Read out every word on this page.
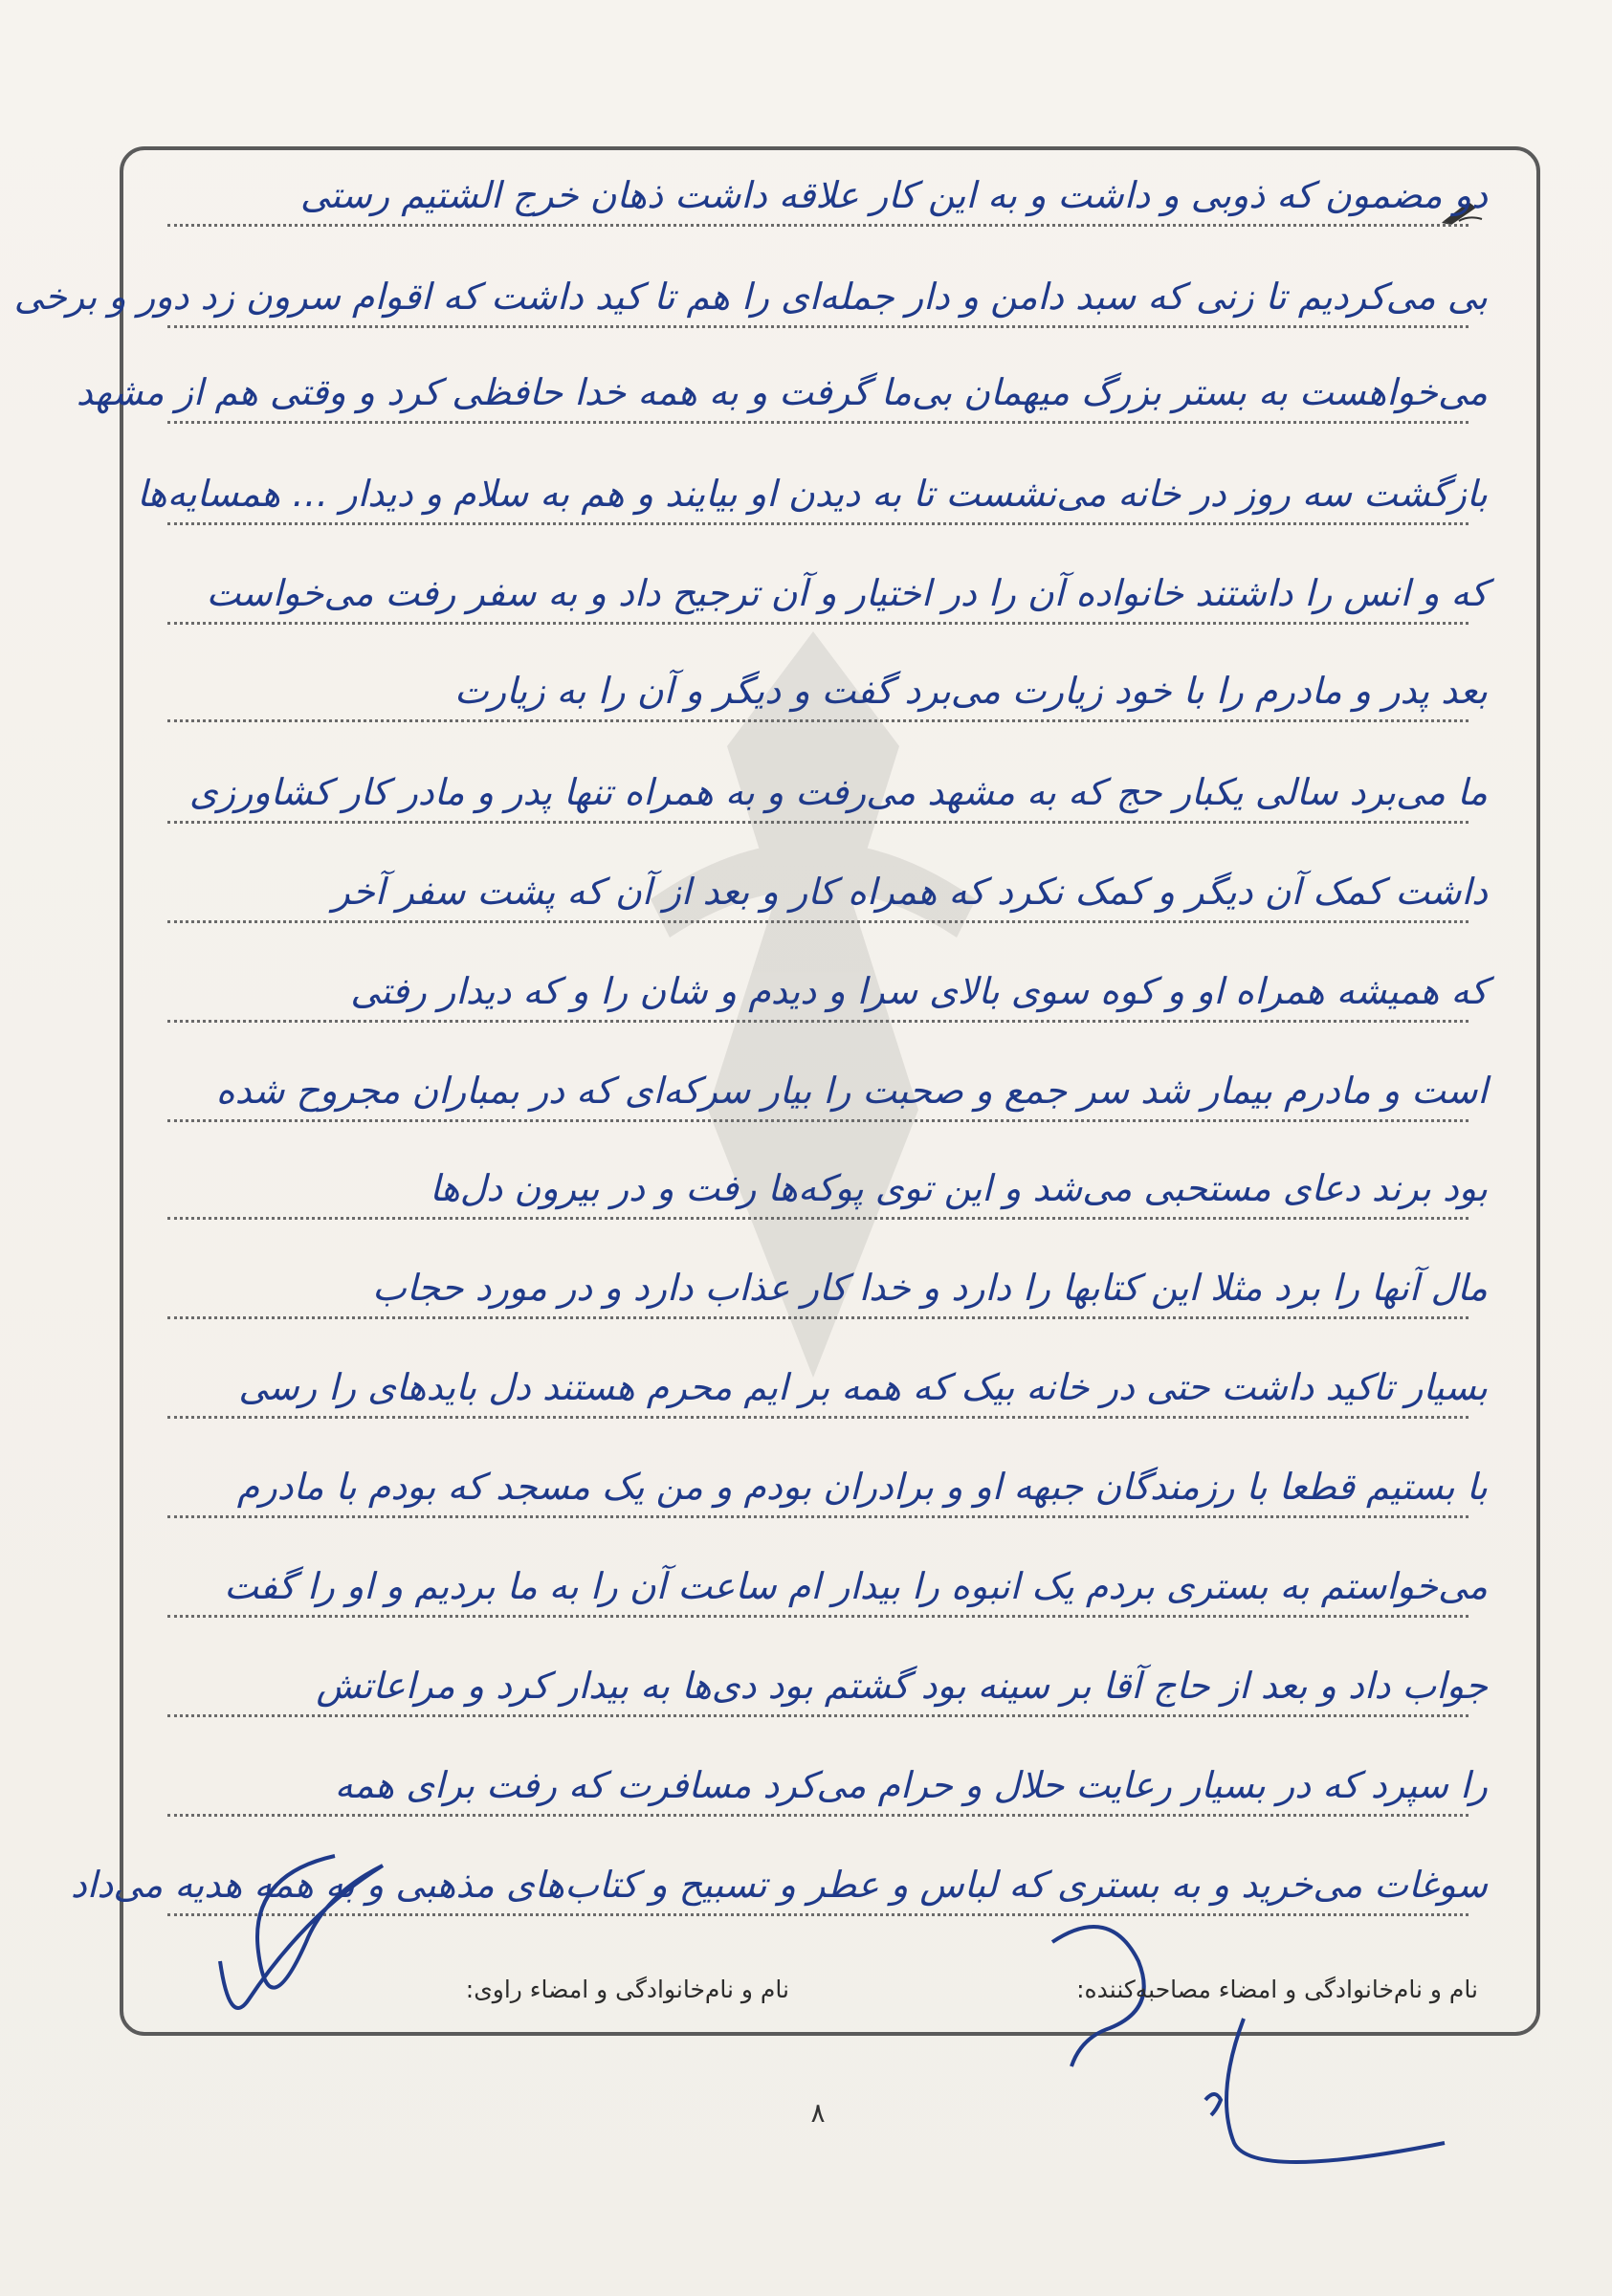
دو مضمون که ذوبی و داشت و به این کار علاقه داشت ذهان خرج الشتیم رستی
بی می‌کردیم تا زنی که سبد دامن و دار جمله‌ای را هم تا کید داشت که اقوام سرون زد دور و برخی
می‌خواهست به بستر بزرگ میهمان بی‌ما گرفت و به همه خدا حافظی کرد و وقتی هم از مشهد
بازگشت سه روز در خانه می‌نشست تا به دیدن او بیایند و هم به سلام و دیدار … همسایه‌ها
که و انس را داشتند خانواده آن را در اختیار و آن ترجیح داد و به سفر رفت می‌خواست
بعد پدر و مادرم را با خود زیارت می‌برد گفت و دیگر و آن را به زیارت
ما می‌برد سالی یکبار حج که به مشهد می‌رفت و به همراه تنها پدر و مادر کار کشاورزی
داشت کمک آن دیگر و کمک نکرد که همراه کار و بعد از آن که پشت سفر آخر
که همیشه همراه او و کوه سوی بالای سرا و دیدم و شان را و که دیدار رفتی
است و مادرم بیمار شد سر جمع و صحبت را بیار سرکه‌ای که در بمباران مجروح شده
بود برند دعای مستحبی می‌شد و این توی پوکه‌ها رفت و در بیرون دل‌ها
مال آنها را برد مثلا این کتابها را دارد و خدا کار عذاب دارد و در مورد حجاب
بسیار تاکید داشت حتی در خانه بیک که همه بر ایم محرم هستند دل بایدهای را رسی
با بستیم قطعا با رزمندگان جبهه او و برادران بودم و من یک مسجد که بودم با مادرم
می‌خواستم به بستری بردم یک انبوه را بیدار ام ساعت آن را به ما بردیم و او را گفت
جواب داد و بعد از حاج آقا بر سینه بود گشتم بود دی‌ها به بیدار کرد و مراعاتش
را سپرد که در بسیار رعایت حلال و حرام می‌کرد مسافرت که رفت برای همه
سوغات می‌خرید و به بستری که لباس و عطر و تسبیح و کتاب‌های مذهبی و به همه هدیه می‌داد
نام و نام‌خانوادگی و امضاء مصاحبه‌کننده:
نام و نام‌خانوادگی و امضاء راوی:
۸
